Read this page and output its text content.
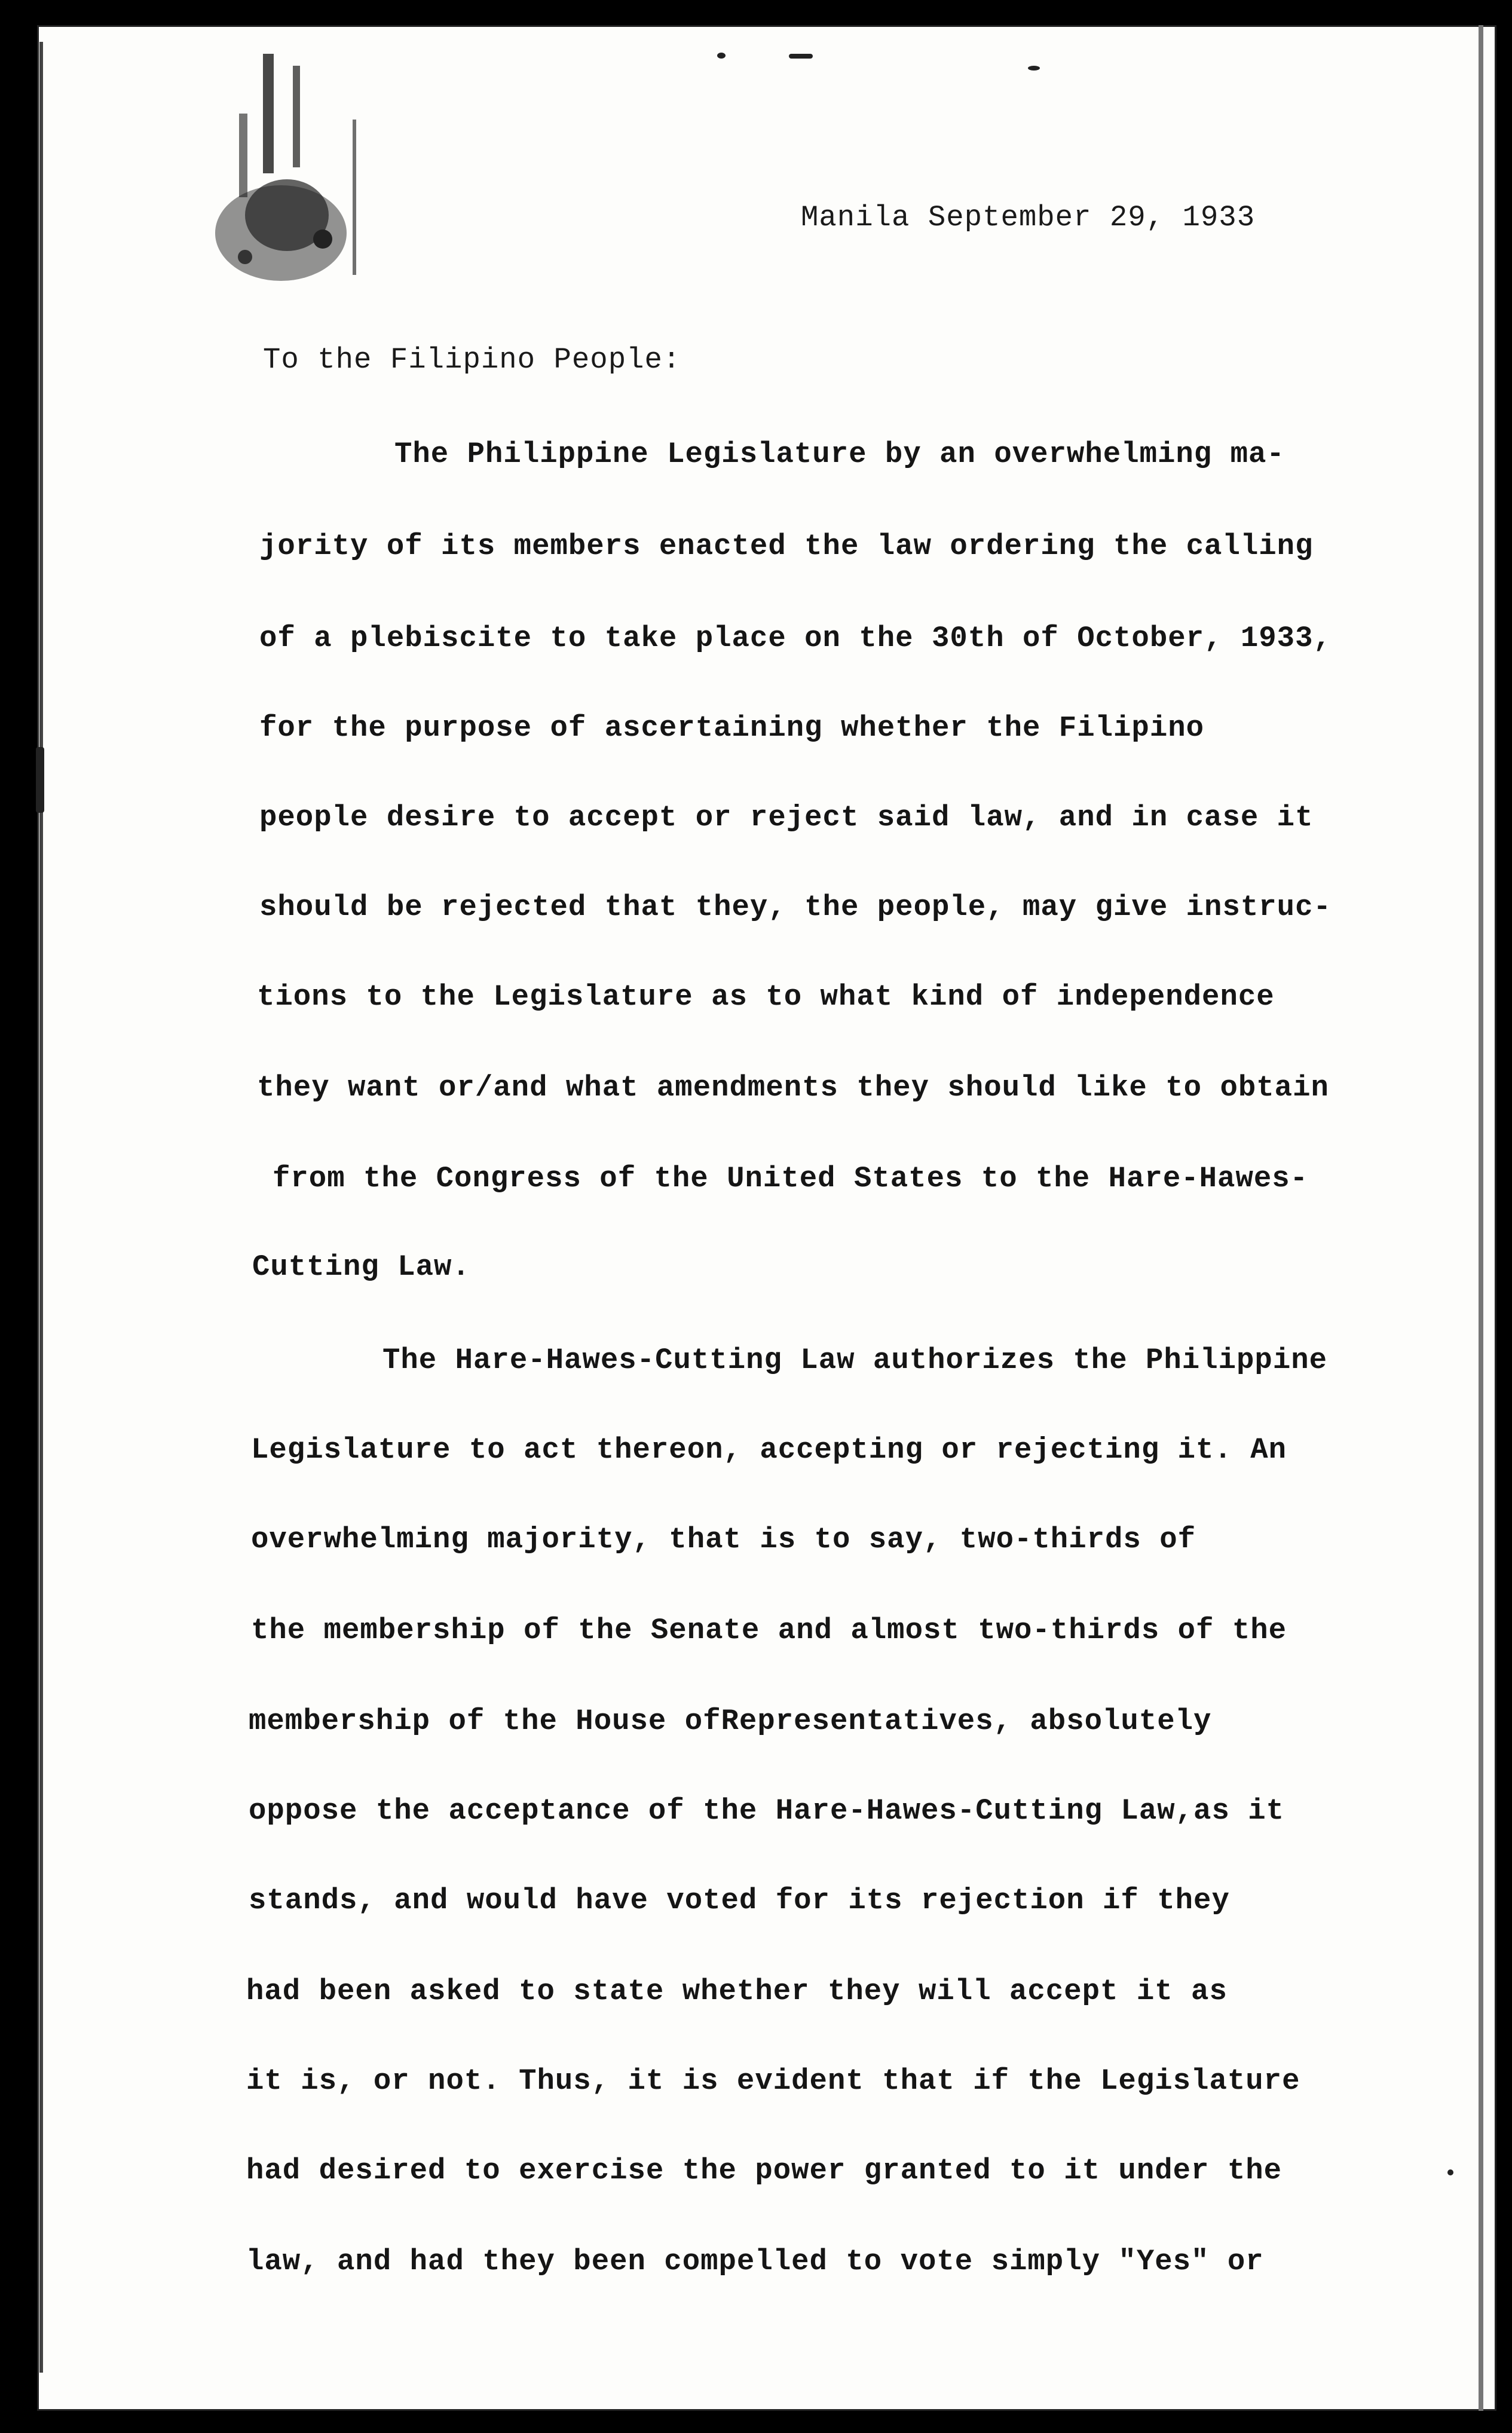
Manila September 29, 1933
To the Filipino People:
The Philippine Legislature by an overwhelming ma-
jority of its members enacted the law ordering the calling
of a plebiscite to take place on the 30th of October, 1933,
for the purpose of ascertaining whether the Filipino
people desire to accept or reject said law, and in case it
should be rejected that they, the people, may give instruc-
tions to the Legislature as to what kind of independence
they want or/and what amendments they should like to obtain
from the Congress of the United States to the Hare-Hawes-
Cutting Law.
The Hare-Hawes-Cutting Law authorizes the Philippine
Legislature to act thereon, accepting or rejecting it. An
overwhelming majority, that is to say, two-thirds of
the membership of the Senate and almost two-thirds of the
membership of the House ofRepresentatives, absolutely
oppose the acceptance of the Hare-Hawes-Cutting Law,as it
stands, and would have voted for its rejection if they
had been asked to state whether they will accept it as
it is, or not. Thus, it is evident that if the Legislature
had desired to exercise the power granted to it under the
law, and had they been compelled to vote simply "Yes" or
